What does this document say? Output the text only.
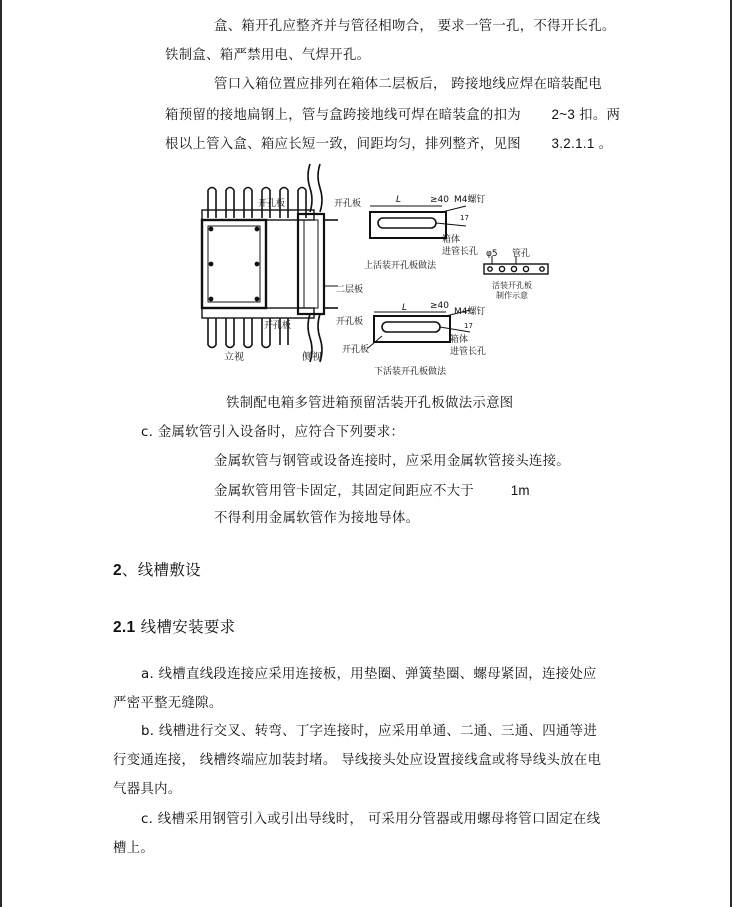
盒、箱开孔应整齐并与管径相吻合， 要求一管一孔，不得开长孔。
铁制盒、箱严禁用电、气焊开孔。
管口入箱位置应排列在箱体二层板后， 跨接地线应焊在暗装配电
箱预留的接地扁钢上，管与盒跨接地线可焊在暗装盒的扣为 2~3 扣。两
根以上管入盒、箱应长短一致，间距均匀，排列整齐，见图 3.2.1.1 。
开孔板	开孔板
二层板
开孔板
开孔板
立视	侧视
L	≥40 M4螺钉
17
箱体
进管长孔
上活装开孔板做法
φ5 管孔
活装开孔板
制作示意
L	≥40
M4螺钉
17
箱体
进管长孔
开孔板
下活装开孔板做法
铁制配电箱多管进箱预留活装开孔板做法示意图
c. 金属软管引入设备时，应符合下列要求：
金属软管与钢管或设备连接时，应采用金属软管接头连接。
金属软管用管卡固定，其固定间距应不大于	1m
不得利用金属软管作为接地导体。
2、线槽敷设
2.1 线槽安装要求
a. 线槽直线段连接应采用连接板，用垫圈、弹簧垫圈、螺母紧固，连接处应
严密平整无缝隙。
b. 线槽进行交叉、转弯、丁字连接时，应采用单通、二通、三通、四通等进
行变通连接， 线槽终端应加装封堵。 导线接头处应设置接线盒或将导线头放在电
气器具内。
c. 线槽采用钢管引入或引出导线时， 可采用分管器或用螺母将管口固定在线
槽上。
